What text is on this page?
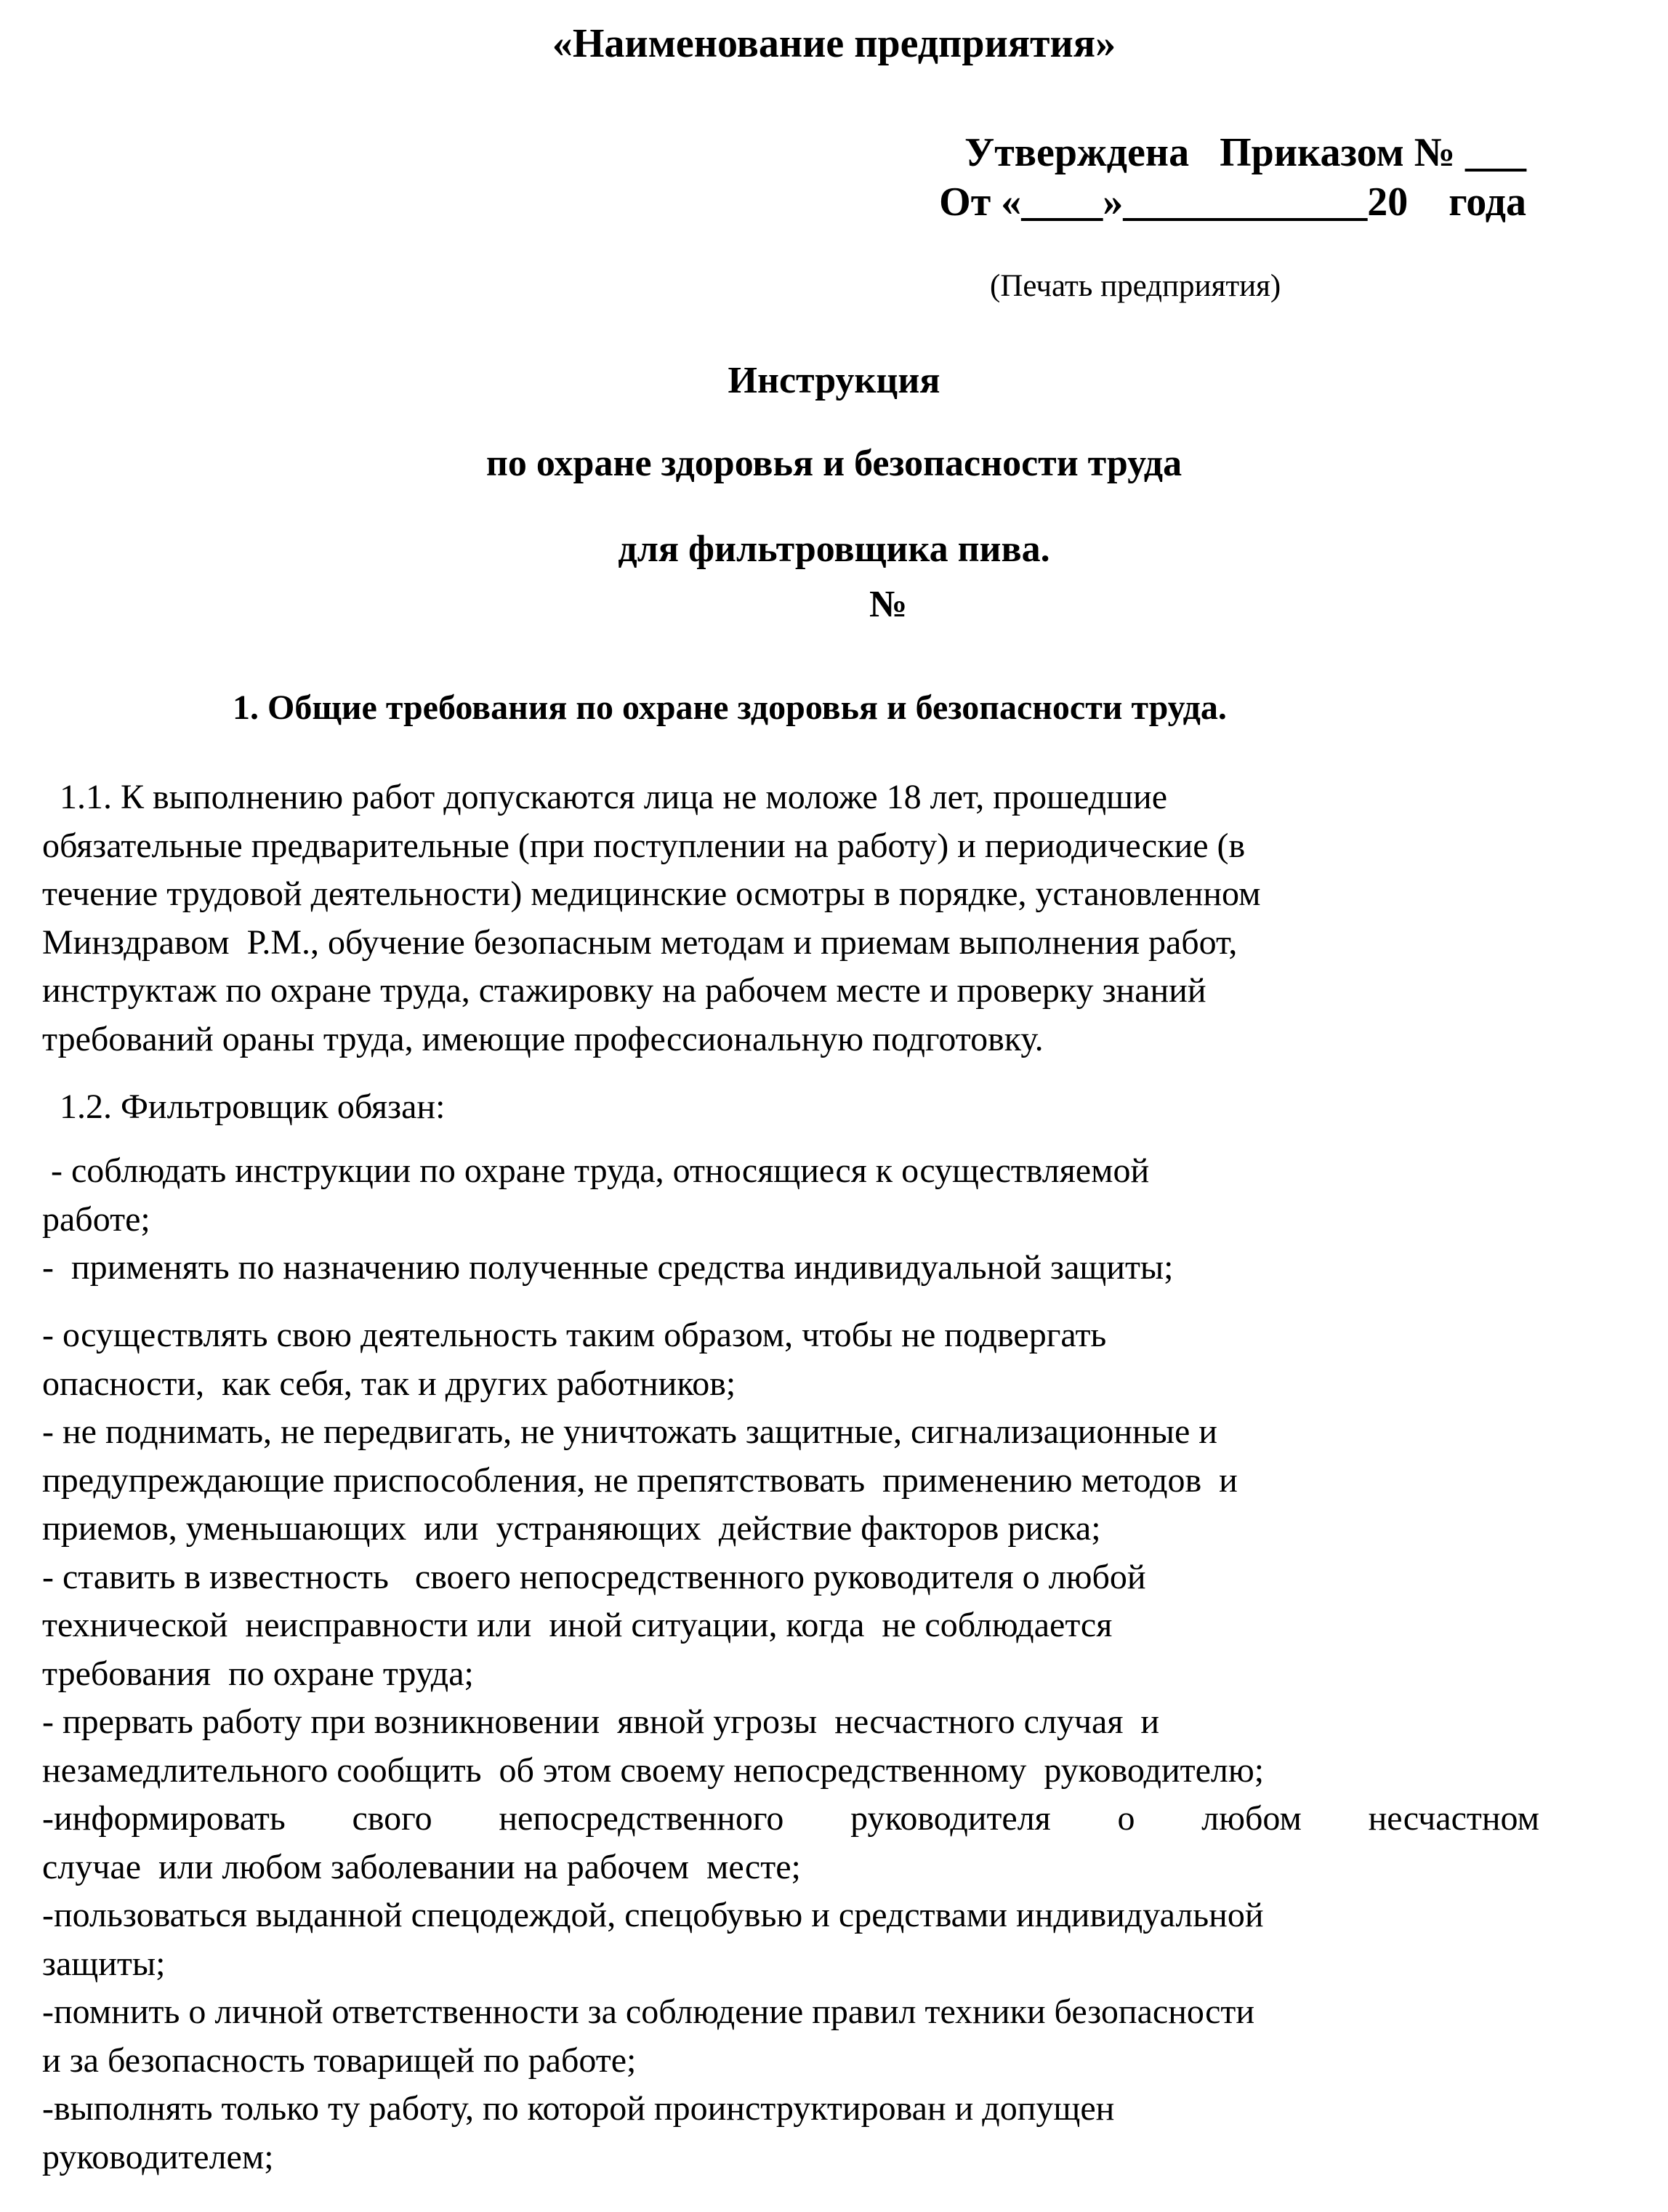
«Наименование предприятия»
Утверждена   Приказом № ___
От «____»____________20    года
(Печать предприятия)
Инструкция
по охране здоровья и безопасности труда
для фильтровщика пива.
№
1. Общие требования по охране здоровья и безопасности труда.

1.1. К выполнению работ допускаются лица не моложе 18 лет, прошедшие

обязательные предварительные (при поступлении на работу) и периодические (в

течение трудовой деятельности) медицинские осмотры в порядке, установленном

Минздравом  Р.М., обучение безопасным методам и приемам выполнения работ,

инструктаж по охране труда, стажировку на рабочем месте и проверку знаний

требований ораны труда, имеющие профессиональную подготовку.

1.2. Фильтровщик обязан:

- соблюдать инструкции по охране труда, относящиеся к осуществляемой

работе;

-  применять по назначению полученные средства индивидуальной защиты;

- осуществлять свою деятельность таким образом, чтобы не подвергать

опасности,  как себя, так и других работников;

- не поднимать, не передвигать, не уничтожать защитные, сигнализационные и

предупреждающие приспособления, не препятствовать  применению методов  и

приемов, уменьшающих  или  устраняющих  действие факторов риска;

- ставить в известность   своего непосредственного руководителя о любой

технической  неисправности или  иной ситуации, когда  не соблюдается

требования  по охране труда;

- прервать работу при возникновении  явной угрозы  несчастного случая  и

незамедлительного сообщить  об этом своему непосредственному  руководителю;

-информировать свого непосредственного руководителя о любом несчастном

случае  или любом заболевании на рабочем  месте;

-пользоваться выданной спецодеждой, спецобувью и средствами индивидуальной

защиты;

-помнить о личной ответственности за соблюдение правил техники безопасности

и за безопасность товарищей по работе;

-выполнять только ту работу, по которой проинструктирован и допущен

руководителем;
